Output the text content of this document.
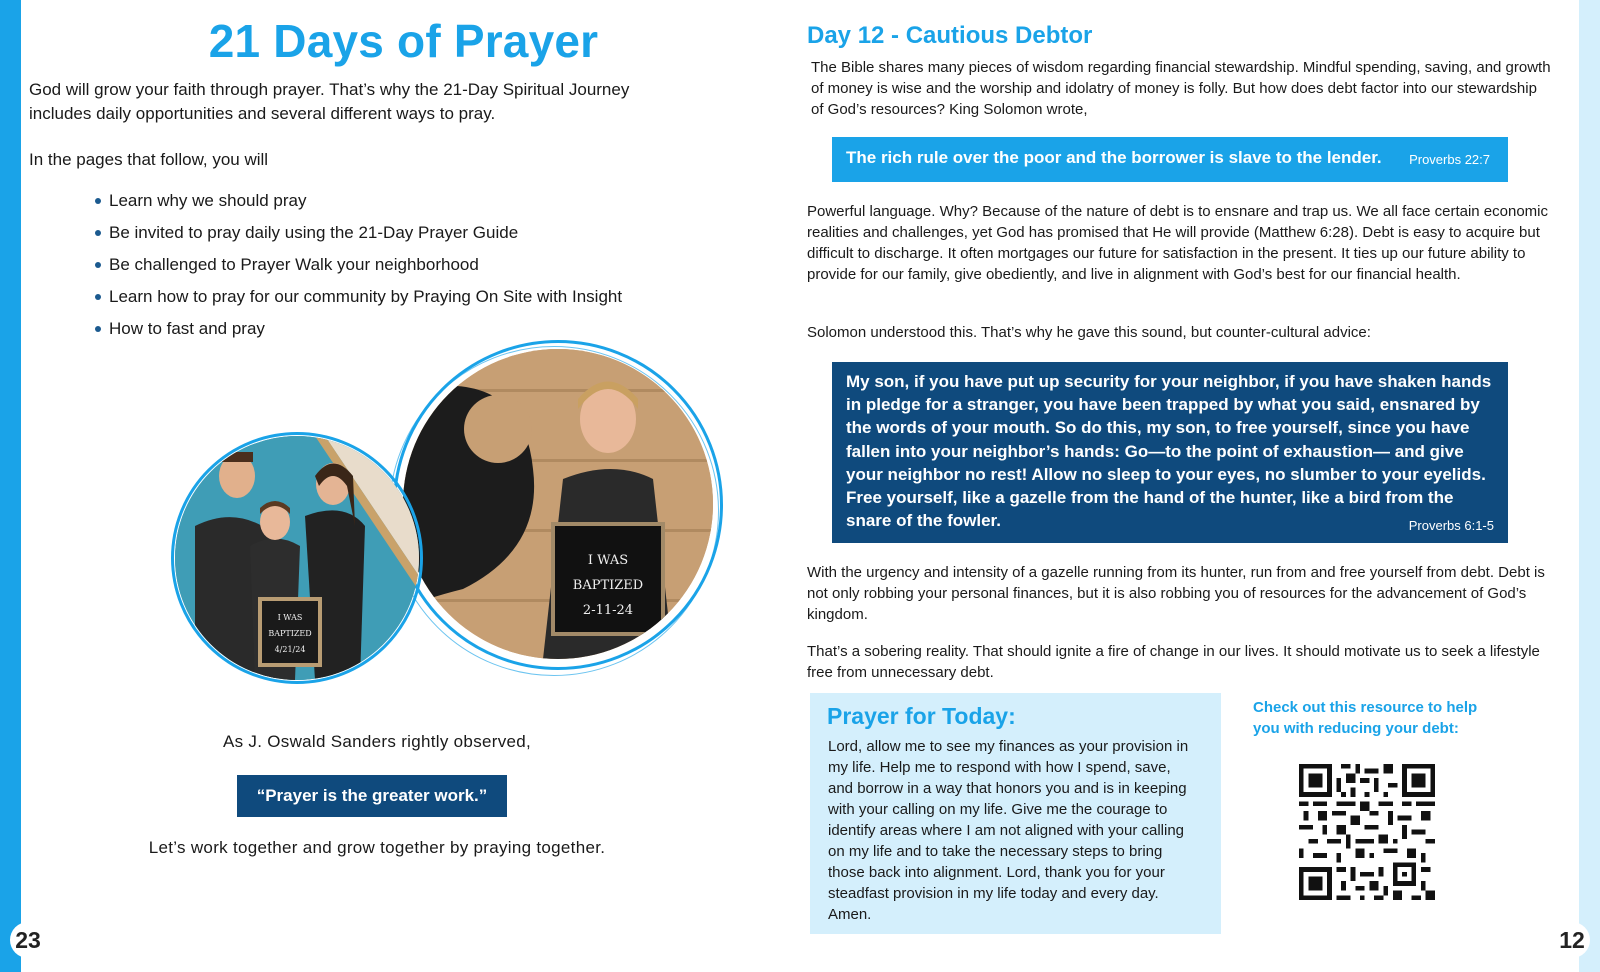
21 Days of Prayer

God will grow your faith through prayer. That’s why the 21-Day Spiritual Journey includes daily opportunities and several different ways to pray.

In the pages that follow, you will

Learn why we should pray
Be invited to pray daily using the 21-Day Prayer Guide
Be challenged to Prayer Walk your neighborhood
Learn how to pray for our community by Praying On Site with Insight
How to fast and pray
I WAS
BAPTIZED
2-11-24
I WAS
BAPTIZED
4/21/24

As J. Oswald Sanders rightly observed,

“Prayer is the greater work.”

Let’s work together and grow together by praying together.

Day 12 - Cautious Debtor

The Bible shares many pieces of wisdom regarding financial stewardship. Mindful spending, saving, and growth of money is wise and the worship and idolatry of money is folly. But how does debt factor into our stewardship of God’s resources? King Solomon wrote,

The rich rule over the poor and the borrower is slave to the lender. Proverbs 22:7

Powerful language. Why? Because of the nature of debt is to ensnare and trap us. We all face certain economic realities and challenges, yet God has promised that He will provide (Matthew 6:28). Debt is easy to acquire but difficult to discharge. It often mortgages our future for satisfaction in the present. It ties up our future ability to provide for our family, give obediently, and live in alignment with God’s best for our financial health.

Solomon understood this. That’s why he gave this sound, but counter-cultural advice:

My son, if you have put up security for your neighbor, if you have shaken hands in pledge for a stranger, you have been trapped by what you said, ensnared by the words of your mouth. So do this, my son, to free yourself, since you have fallen into your neighbor’s hands: Go—to the point of exhaustion— and give your neighbor no rest! Allow no sleep to your eyes, no slumber to your eyelids. Free yourself, like a gazelle from the hand of the hunter, like a bird from the snare of the fowler.	Proverbs 6:1-5

With the urgency and intensity of a gazelle running from its hunter, run from and free yourself from debt. Debt is not only robbing your personal finances, but it is also robbing you of resources for the advancement of God’s kingdom.

That’s a sobering reality. That should ignite a fire of change in our lives. It should motivate us to seek a lifestyle free from unnecessary debt.

Prayer for Today:

Lord, allow me to see my finances as your provision in my life. Help me to respond with how I spend, save, and borrow in a way that honors you and is in keeping with your calling on my life. Give me the courage to identify areas where I am not aligned with your calling on my life and to take the necessary steps to bring those back into alignment. Lord, thank you for your steadfast provision in my life today and every day. Amen.

Check out this resource to help you with reducing your debt:

23	12
